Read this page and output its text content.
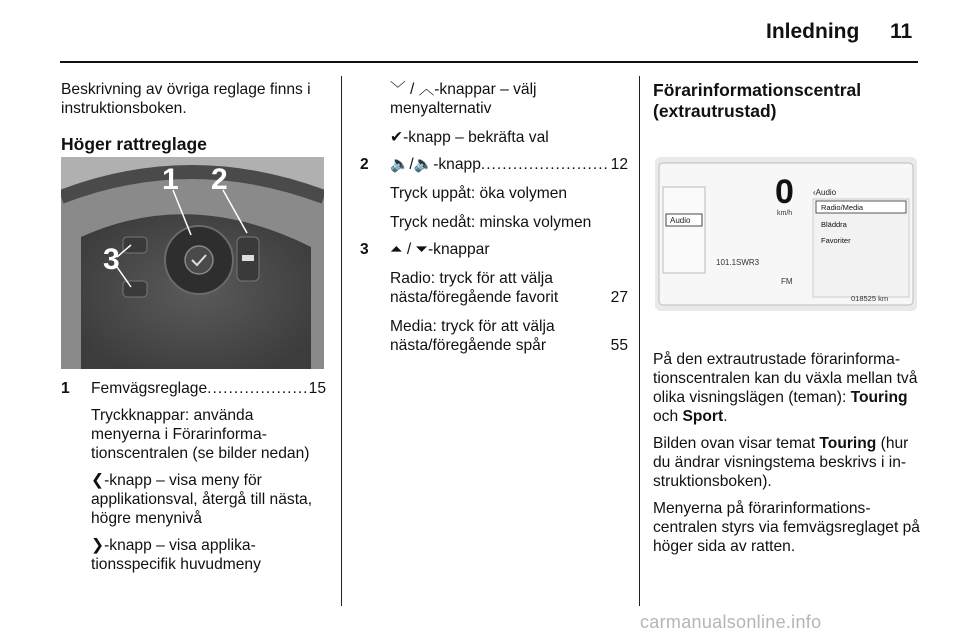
Inledning 11

Beskrivning av övriga reglage finns i instruktionsboken.

Höger rattreglage

1 2
3
1 Femvägsreglage .....	15

Tryckknappar: använda menyerna i Förarinformationscentralen (se bilder nedan)

❮-knapp – visa meny för applikationsval, återgå till nästa, högre menynivå

❯-knapp – visa applikationsspecifik huvudmeny

﹀ / ︿-knappar – välj menyalternativ

✔-knapp – bekräfta val

2 🔈 / 🔈 -knapp .....	12

Tryck uppåt: öka volymen

Tryck nedåt: minska volymen

3 ⏶ / ⏷-knappar

Radio: tryck för att välja nästa/föregående favorit	27
Media: tryck för att välja nästa/föregående spår	55

Förarinformationscentral (extrautrustad)

Audio
0
km/h
101.1SWR3
FM
‹Audio
Radio/Media
Bläddra
Favoriter
018525 km

På den extrautrustade förarinformationscentralen kan du växla mellan två olika visningslägen (teman): Touring och Sport.

Bilden ovan visar temat Touring (hur du ändrar visningstema beskrivs i instruktionsboken).

Menyerna på förarinformationscentralen styrs via femvägsreglaget på höger sida av ratten.

carmanualsonline.info
